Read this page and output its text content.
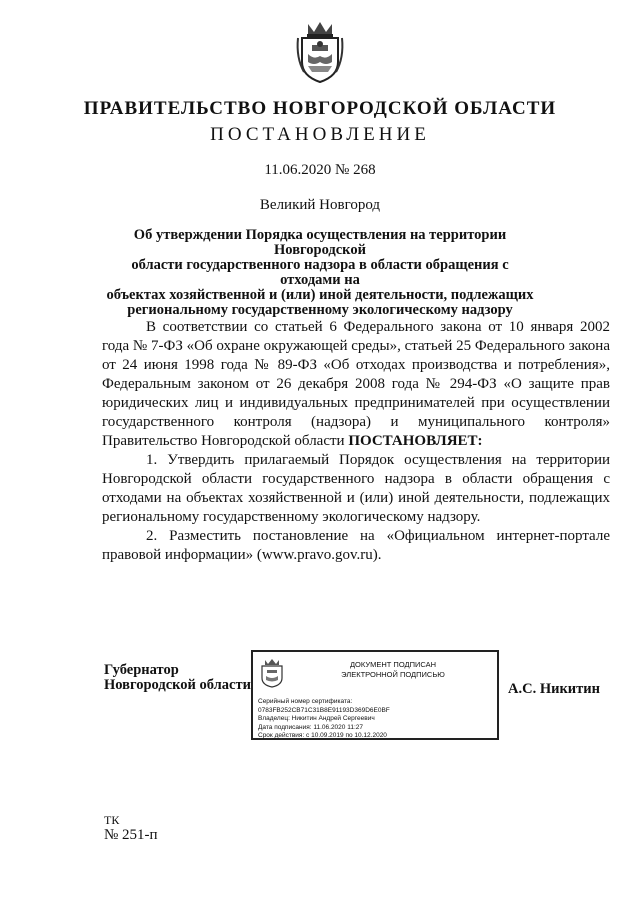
ПРАВИТЕЛЬСТВО НОВГОРОДСКОЙ ОБЛАСТИ
ПОСТАНОВЛЕНИЕ
11.06.2020 № 268
Великий Новгород
Об утверждении Порядка осуществления на территории Новгородской
области государственного надзора в области обращения с отходами на
объектах хозяйственной и (или) иной деятельности, подлежащих
региональному государственному экологическому надзору

В соответствии со статьей 6 Федерального закона от 10 января 2002 года № 7-ФЗ «Об охране окружающей среды», статьей 25 Федерального закона от 24 июня 1998 года № 89-ФЗ «Об отходах производства и потребления», Федеральным законом от 26 декабря 2008 года № 294-ФЗ «О защите прав юридических лиц и индивидуальных предпринимателей при осуществлении государственного контроля (надзора) и муниципального контроля» Правительство Новгородской области ПОСТАНОВЛЯЕТ:

1. Утвердить прилагаемый Порядок осуществления на территории Новгородской области государственного надзора в области обращения с отходами на объектах хозяйственной и (или) иной деятельности, подлежащих региональному государственному экологическому надзору.

2. Разместить постановление на «Официальном интернет-портале правовой информации» (www.pravo.gov.ru).

Губернатор
Новгородской области
ДОКУМЕНТ ПОДПИСАН
ЭЛЕКТРОННОЙ ПОДПИСЬЮ
Серийный номер сертификата:
0783FB252CB71C31B8E91193D369D6E0BF
Владелец: Никитин Андрей Сергеевич
Дата подписания: 11.06.2020 11:27
Срок действия: с 10.09.2019 по 10.12.2020
А.С. Никитин
ТК
№ 251-п
